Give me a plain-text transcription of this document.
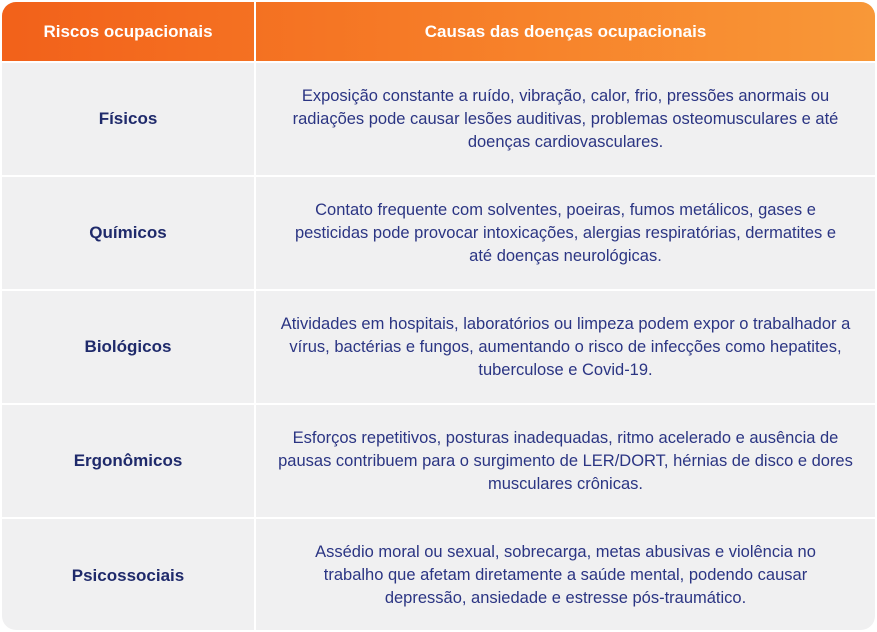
Riscos ocupacionais	Causas das doenças ocupacionais
Físicos
Exposição constante a ruído, vibração, calor, frio, pressões anormais ou radiações pode causar lesões auditivas, problemas osteomusculares e até doenças cardiovasculares.
Químicos
Contato frequente com solventes, poeiras, fumos metálicos, gases e pesticidas pode provocar intoxicações, alergias respiratórias, dermatites e até doenças neurológicas.
Biológicos
Atividades em hospitais, laboratórios ou limpeza podem expor o trabalhador a vírus, bactérias e fungos, aumentando o risco de infecções como hepatites, tuberculose e Covid-19.
Ergonômicos
Esforços repetitivos, posturas inadequadas, ritmo acelerado e ausência de pausas contribuem para o surgimento de LER/DORT, hérnias de disco e dores musculares crônicas.
Psicossociais
Assédio moral ou sexual, sobrecarga, metas abusivas e violência no trabalho que afetam diretamente a saúde mental, podendo causar depressão, ansiedade e estresse pós-traumático.
